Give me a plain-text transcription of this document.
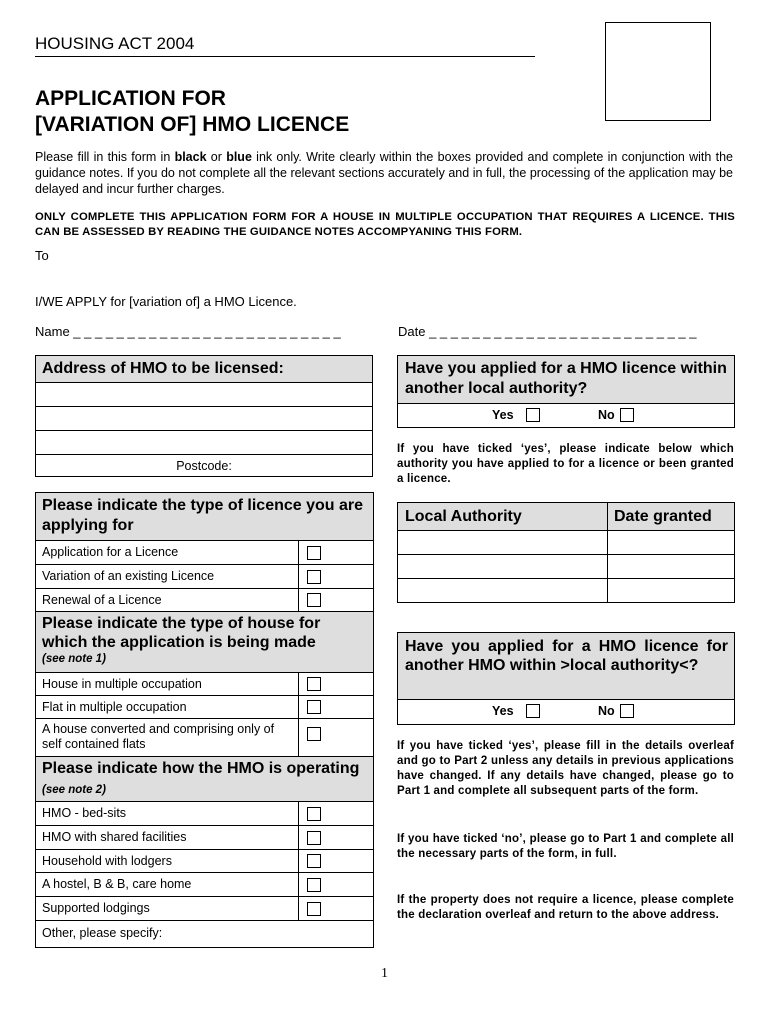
HOUSING ACT 2004
APPLICATION FOR
[VARIATION OF] HMO LICENCE
Please fill in this form in black or blue ink only. Write clearly within the boxes provided and complete in conjunction with the guidance notes. If you do not complete all the relevant sections accurately and in full, the processing of the application may be delayed and incur further charges.
ONLY COMPLETE THIS APPLICATION FORM FOR A HOUSE IN MULTIPLE OCCUPATION THAT REQUIRES A LICENCE. THIS CAN BE ASSESSED BY READING THE GUIDANCE NOTES ACCOMPYANING THIS FORM.
To
I/WE APPLY for [variation of] a HMO Licence.
Name _ _ _ _ _ _ _ _ _ _ _ _ _ _ _ _ _ _ _ _ _ _ _ _ _	Date _ _ _ _ _ _ _ _ _ _ _ _ _ _ _ _ _ _ _ _ _ _ _ _ _
Address of HMO to be licensed:
Postcode:
Please indicate the type of licence you are applying for
Application for a Licence
Variation of an existing Licence
Renewal of a Licence
Please indicate the type of house for which the application is being made
(see note 1)
House in multiple occupation
Flat in multiple occupation
A house converted and comprising only of self contained flats
Please indicate how the HMO is operating (see note 2)
HMO - bed-sits
HMO with shared facilities
Household with lodgers
A hostel, B & B, care home
Supported lodgings
Other, please specify:
Have you applied for a HMO licence within another local authority?
Yes	No
If you have ticked ‘yes’, please indicate below which authority you have applied to for a licence or been granted a licence.
Local Authority	Date granted
Have you applied for a HMO licence for another HMO within >local authority<?
Yes	No
If you have ticked ‘yes’, please fill in the details overleaf and go to Part 2 unless any details in previous applications have changed. If any details have changed, please go to Part 1 and complete all subsequent parts of the form.
If you have ticked ‘no’, please go to Part 1 and complete all the necessary parts of the form, in full.
If the property does not require a licence, please complete the declaration overleaf and return to the above address.
1
